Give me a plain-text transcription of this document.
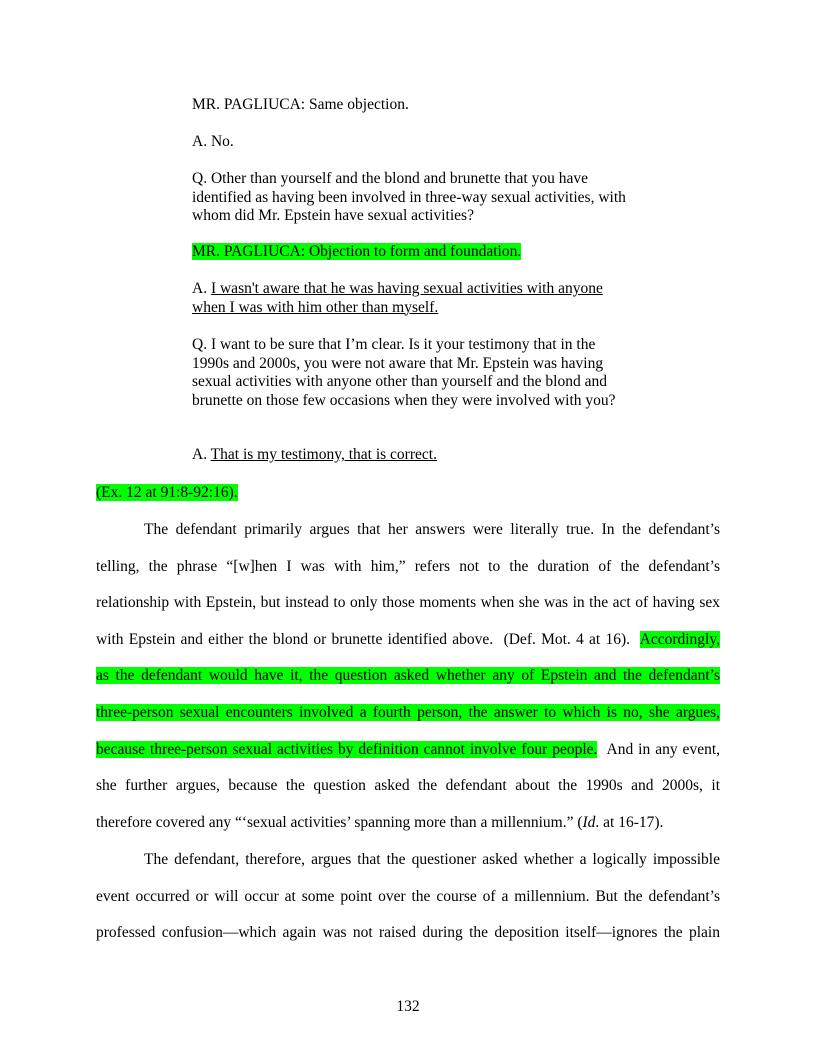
MR. PAGLIUCA: Same objection.
A. No.
Q. Other than yourself and the blond and brunette that you have identified as having been involved in three-way sexual activities, with whom did Mr. Epstein have sexual activities?
MR. PAGLIUCA: Objection to form and foundation.
A. I wasn't aware that he was having sexual activities with anyone when I was with him other than myself.
Q. I want to be sure that I’m clear. Is it your testimony that in the 1990s and 2000s, you were not aware that Mr. Epstein was having sexual activities with anyone other than yourself and the blond and brunette on those few occasions when they were involved with you?
A. That is my testimony, that is correct.
(Ex. 12 at 91:8-92:16).
The defendant primarily argues that her answers were literally true. In the defendant’s
telling, the phrase “[w]hen I was with him,” refers not to the duration of the defendant’s
relationship with Epstein, but instead to only those moments when she was in the act of having sex
with Epstein and either the blond or brunette identified above.  (Def. Mot. 4 at 16).  Accordingly,
as the defendant would have it, the question asked whether any of Epstein and the defendant’s
three-person sexual encounters involved a fourth person, the answer to which is no, she argues,
because three-person sexual activities by definition cannot involve four people.  And in any event,
she further argues, because the question asked the defendant about the 1990s and 2000s, it
therefore covered any “‘sexual activities’ spanning more than a millennium.” (Id. at 16-17).
The defendant, therefore, argues that the questioner asked whether a logically impossible
event occurred or will occur at some point over the course of a millennium. But the defendant’s
professed confusion—which again was not raised during the deposition itself—ignores the plain
132
